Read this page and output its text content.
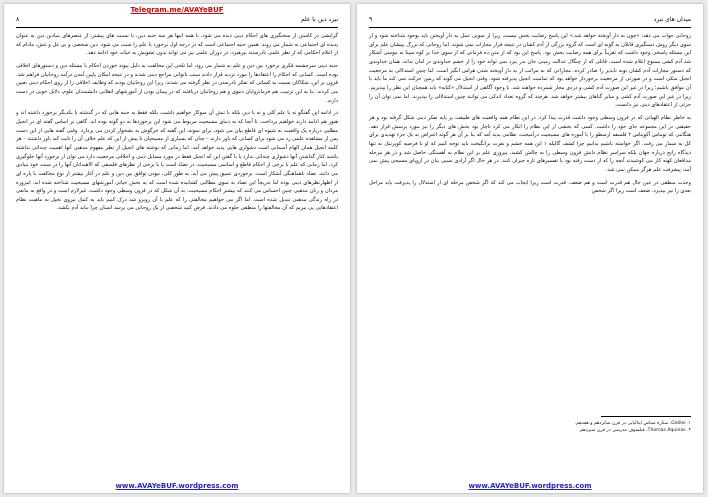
Telegram.me/AVAYeBUF
نبرد دین با علم
۸

گرایشی در کاستن از سختگیری های احکام دینی دیده می شود. با همه اینها هر سه جنبه دین، با نسبت های پیشتر، از عنصرهای بنیادین دین به عنوان پدیده ای اجتماعی به شمار می روند. همین جنبه اجتماعی است که در درجه اول برخورد با علم را سبب می شود. دین شخصی و بی غل و غش، مادام که از اعلام احکامی که از نظر علمی نادرستند بپرهیزد، در دوران علمی نیز می تواند بدون تشویش به حیات خود ادامه دهد.

جنبه دینی سرچشمه فکری برخورد بین دین و علم به شمار می رود، اما تلخی این مخالفت به دلیل پیوند خوردن احکام با مسئله دین و دستورهای اخلاقی بوده است. کسانی که احکام را اعتقادها را مورد تردید قرار دادند سبب ناتوانی مراجع دینی شدند و در نتیجه امکان پایین آمدن درآمد روحانیان فراهم شد. قرون بر این، شکاکان نسبت به کسانی که تفکر نادرستی در نظر گرفته می شدند، زیرا این روحانیان بودند که وظایف اخلاقی را از روی احکام دینی تعیین می کردند. بنا به این ترتیب، هم فرمانروایان دنیوی و هم روحانیان دریافتند که در پیمان بودن از آموزشهای انقلابی دانشمندان علوم، دلایل خوبی در دست دارند.

در ادامه این گفتگو نه با علم کلی و نه با دین بلکه با تنش آن سوکار خواهیم داشت، بلکه فقط به جنبه هایی که در گذشته با یکدیگر برخورد داشته اند و هنوز هم ادامه دارند خواهیم پرداخت. تا آنجا که به دنیای مسیحیت مربوط می شود این برخوردها به دو گونه بوده اند. گاهی بر اساس گفته ای در انجیل مطلبی درباره یک واقعیت به شیوه ای قاطع بیان می شود، برای نمونه، این گفته که خرگوش به نشخوار کردن می پردازد. وقتی گفته هایی از این دست پس از مشاهده علمی رد می شود برای کسانی که باور دارند – چنان که بسیاری از مسیحیان تا پیش از این که علم خلاف آن را ثابت کند باور داشتند – هر کلمه انجیل همان الهام آسمانی است دشواری هایی پدید خواهد آمد. اما زمانی که نوشته های انجیل از نظر مفهوم مذهبی آنها اهمیت چندانی نداشته باشند کنار گذاشتن آنها دشواری چندانی ندارد یا با گفتن این که انجیل فقط در مورد مسایل دینی و اخلاقی مرجعیت دارد می توان از برخورد آنها جلوگیری کرد. اما زمانی که علم با برخی از احکام قاطع و اساسی مسیحیت، در تضاد است یا با برخی از نظرهای فلسفی که الاهیدانان آنها را در سنت خود بنیادی می دانند، تضاد ناهماهنگی آشکار است. برخوردی عمیق پیش می آید. به طور کلی، نبودن توافق بین دین و علم در آغاز بیشتر از نوع مخالفت با پاره ای از اظهارنظرهای دینی بوده اما تدریجاً این تضاد به سوی مطالبی کشانیده شده است که به بخش حیاتی آموزشهای مسیحیت شناخته شده اند. امروزه مردان و زنان مذهبی چنین احساس می کنند که بیشتر احکام مسیحیت، به آن شکل که در قرون وسطی وجود داشت، غیرلازم است و در واقع به مانعی در راه زندگی مذهبی تبدیل شده است. اما اگر می خواهیم مخالفتی را که علم با آن روبرو شد درک کنیم باید به کمک نیروی تخیل به ماهیت نظام اعتقادهایی پی ببریم که آن مخالفتها را منطقی جلوه می دادند. فرض کنید شخصی از یک روحانی می پرسد انسان چرا نباید آدم بکشد.

www.AVAYeBUF.wordpress.com
میدان های نبرد
۹

روحانی جواب می دهد: «چون به دار آویخته خواهد شد.» این پاسخ رضایت بخش نیست، زیرا از سویی عمل به دار آویختن باید بوجود شناخته شود و از سوی دیگر روش دستگیری قاتلان به گونه ای است که گروه بزرگی از آدم کشان در نتیجه فرار مجازات نمی شوند. اما روحانی که بزرگ بپیشان علم برای این مسئله پاسخی وجود داشت که تقریباً برای همه رضایت بخش بود. پاسخ این بود که از متن ده فرمانی که از سوی خدا بر کوه سینا به موسی آشکار شد آدم کشی ممنوع اعلام شده است. قاتلی که از چنگال عدالت زمینی جان بدر ببرد نمی تواند خود را از خشم خداوندی در امان بداند. همان خداوندی که دستور مجازات آدم کشان توبه نابذیر را صادر کرده، مجازاتی که به مراتب از به دار آویخته شدن هراس انگیز است. اما چنین استدلالی به مرجعیت انجیل متکی است و در صورتی از مرجعیت برخوردار خواهد بود که تمامیت انجیل پذیرفته شود. وقتی انجیل می گوید که زمین حرکت نمی کند ما باید با آن موافق باشیم؛ زیرا در غیر این صورت آدم کشی و دزدی مجاز شمرده خواهند شد. با وجود آگاهی از استدلال «کتابه» باید همچنان این نظر را بپذیریم. زیرا در غیر این صورت آدم کشی و سایر گناهان بیشتر خواهد شد. هرچند که گروه تعداد اندکی می توانند چنین استدلالی را بپذیرند، اما نمی توان آن را جزئی از اعتقادهای دینی نیز دانست.

به خاطر نظام الهیاتی که در قرون وسطی وجود داشت قدرت پیدا کرد. در این نظام همه واقعیت های طبیعت بر پایه تفکر دینی شکل گرفته بود و هر حقیقتی در این مجموعه جای خود را داشت. کسی که بخشی از این نظام را انکار می کرد ناچار بود بخش های دیگر را نیز مورد پرسش قرار دهد. هنگامی که توماس آکویناس ۲ فلسفه ارسطو را با آموزه های مسیحیت درآمیخت، نظامی پدید آمد که بنا بر آن هر گونه اعتراض به یک جزء تهدیدی برای کل به شمار می رفت. اگر خواسته باشیم بدانیم چرا کشف گالیله ۱ این همه خشم و نفرت برانگیخت باید توجه کنیم که او با فرضیه کوپرنیک نه تنها دیدگاه رایج درباره جهان بلکه سراسر نظام دانش قرون وسطی را به چالش کشید. پیروزی علم بر این نظام به آهستگی حاصل شد و در هر مرحله مدافعان کهنه کار می کوشیدند آنچه را که از دست رفته بود با تفسیرهای تازه جبران کنند. در هر حال اگر آزادی نسبی بیان در اروپای مسیحی پیش نمی آمد، پیشرفت علم هرگز ممکن نمی شد.

وحدت منطقی در عین حال هم قدرت است و هم ضعف. قدرت است زیرا ایجاب می کند که اگر شخص مرحله ای از استدلال را پذیرفت باید مراحل بعدی را نیز بپذیرد. ضعف است زیرا اگر شخص

۱. Galilei، ستاره شناس ایتالیایی در قرن شانزدهم و هفدهم.
۲. Thomas Aquinas، فیلسوف مدرسی در قرن سیزدهم.
www.AVAYeBUF.wordpress.com
